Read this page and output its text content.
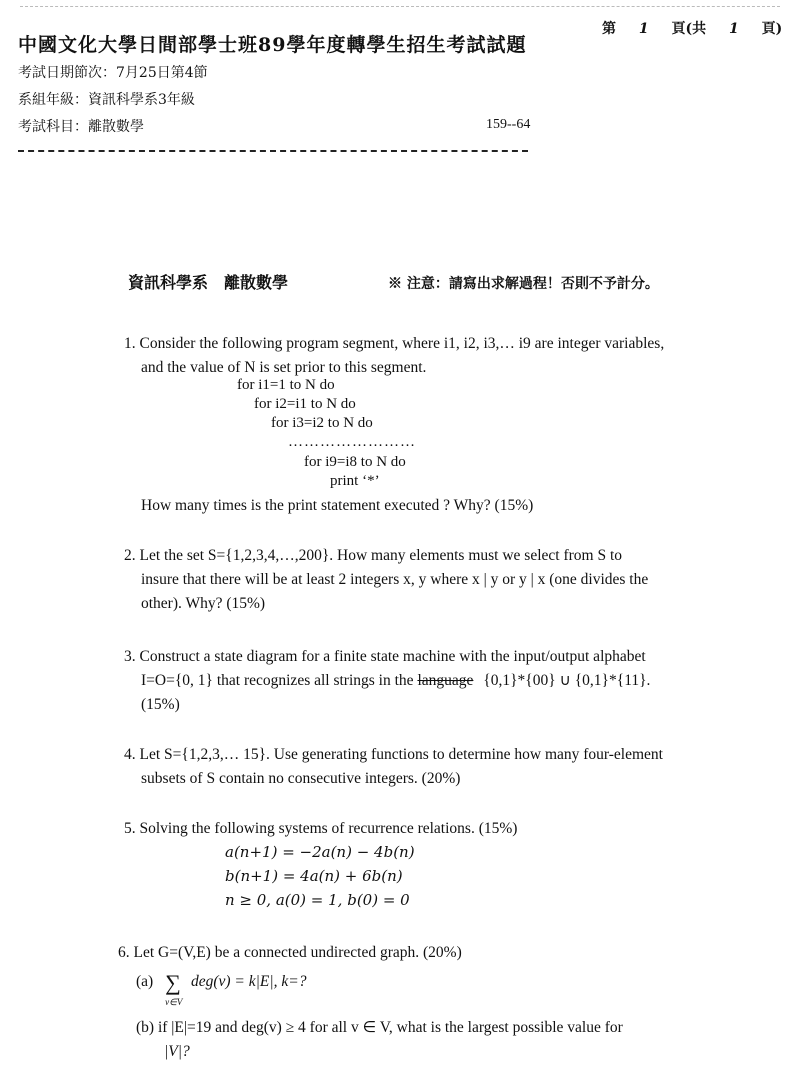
中國文化大學日間部學士班89學年度轉學生招生考試試題
第 1 頁(共 1 頁)
考試日期節次：7月25日第4節
系組年級：資訊科學系3年級
考試科目：離散數學	159--64
資訊科學系　離散數學	※ 注意：請寫出求解過程！否則不予計分。
1. Consider the following program segment, where i1, i2, i3,… i9 are integer variables,
and the value of N is set prior to this segment.
for i1=1 to N do
for i2=i1 to N do
for i3=i2 to N do
……………………
for i9=i8 to N do
print ‘*’
How many times is the print statement executed ? Why? (15%)
2. Let the set S={1,2,3,4,…,200}. How many elements must we select from S to
insure that there will be at least 2 integers x, y where x | y or y | x (one divides the
other). Why? (15%)
3. Construct a state diagram for a finite state machine with the input/output alphabet
I=O={0, 1} that recognizes all strings in the language {0,1}*{00} ∪ {0,1}*{11}.
(15%)
4. Let S={1,2,3,… 15}. Use generating functions to determine how many four-element
subsets of S contain no consecutive integers. (20%)
5. Solving the following systems of recurrence relations. (15%)
a(n+1) = −2a(n) − 4b(n)
b(n+1) = 4a(n) + 6b(n)
n ≥ 0, a(0) = 1, b(0) = 0
6. Let G=(V,E) be a connected undirected graph. (20%)
(a) ∑
v∈V
deg(v) = k|E|, k=?
(b) if |E|=19 and deg(v) ≥ 4 for all v ∈ V, what is the largest possible value for
|V|?
